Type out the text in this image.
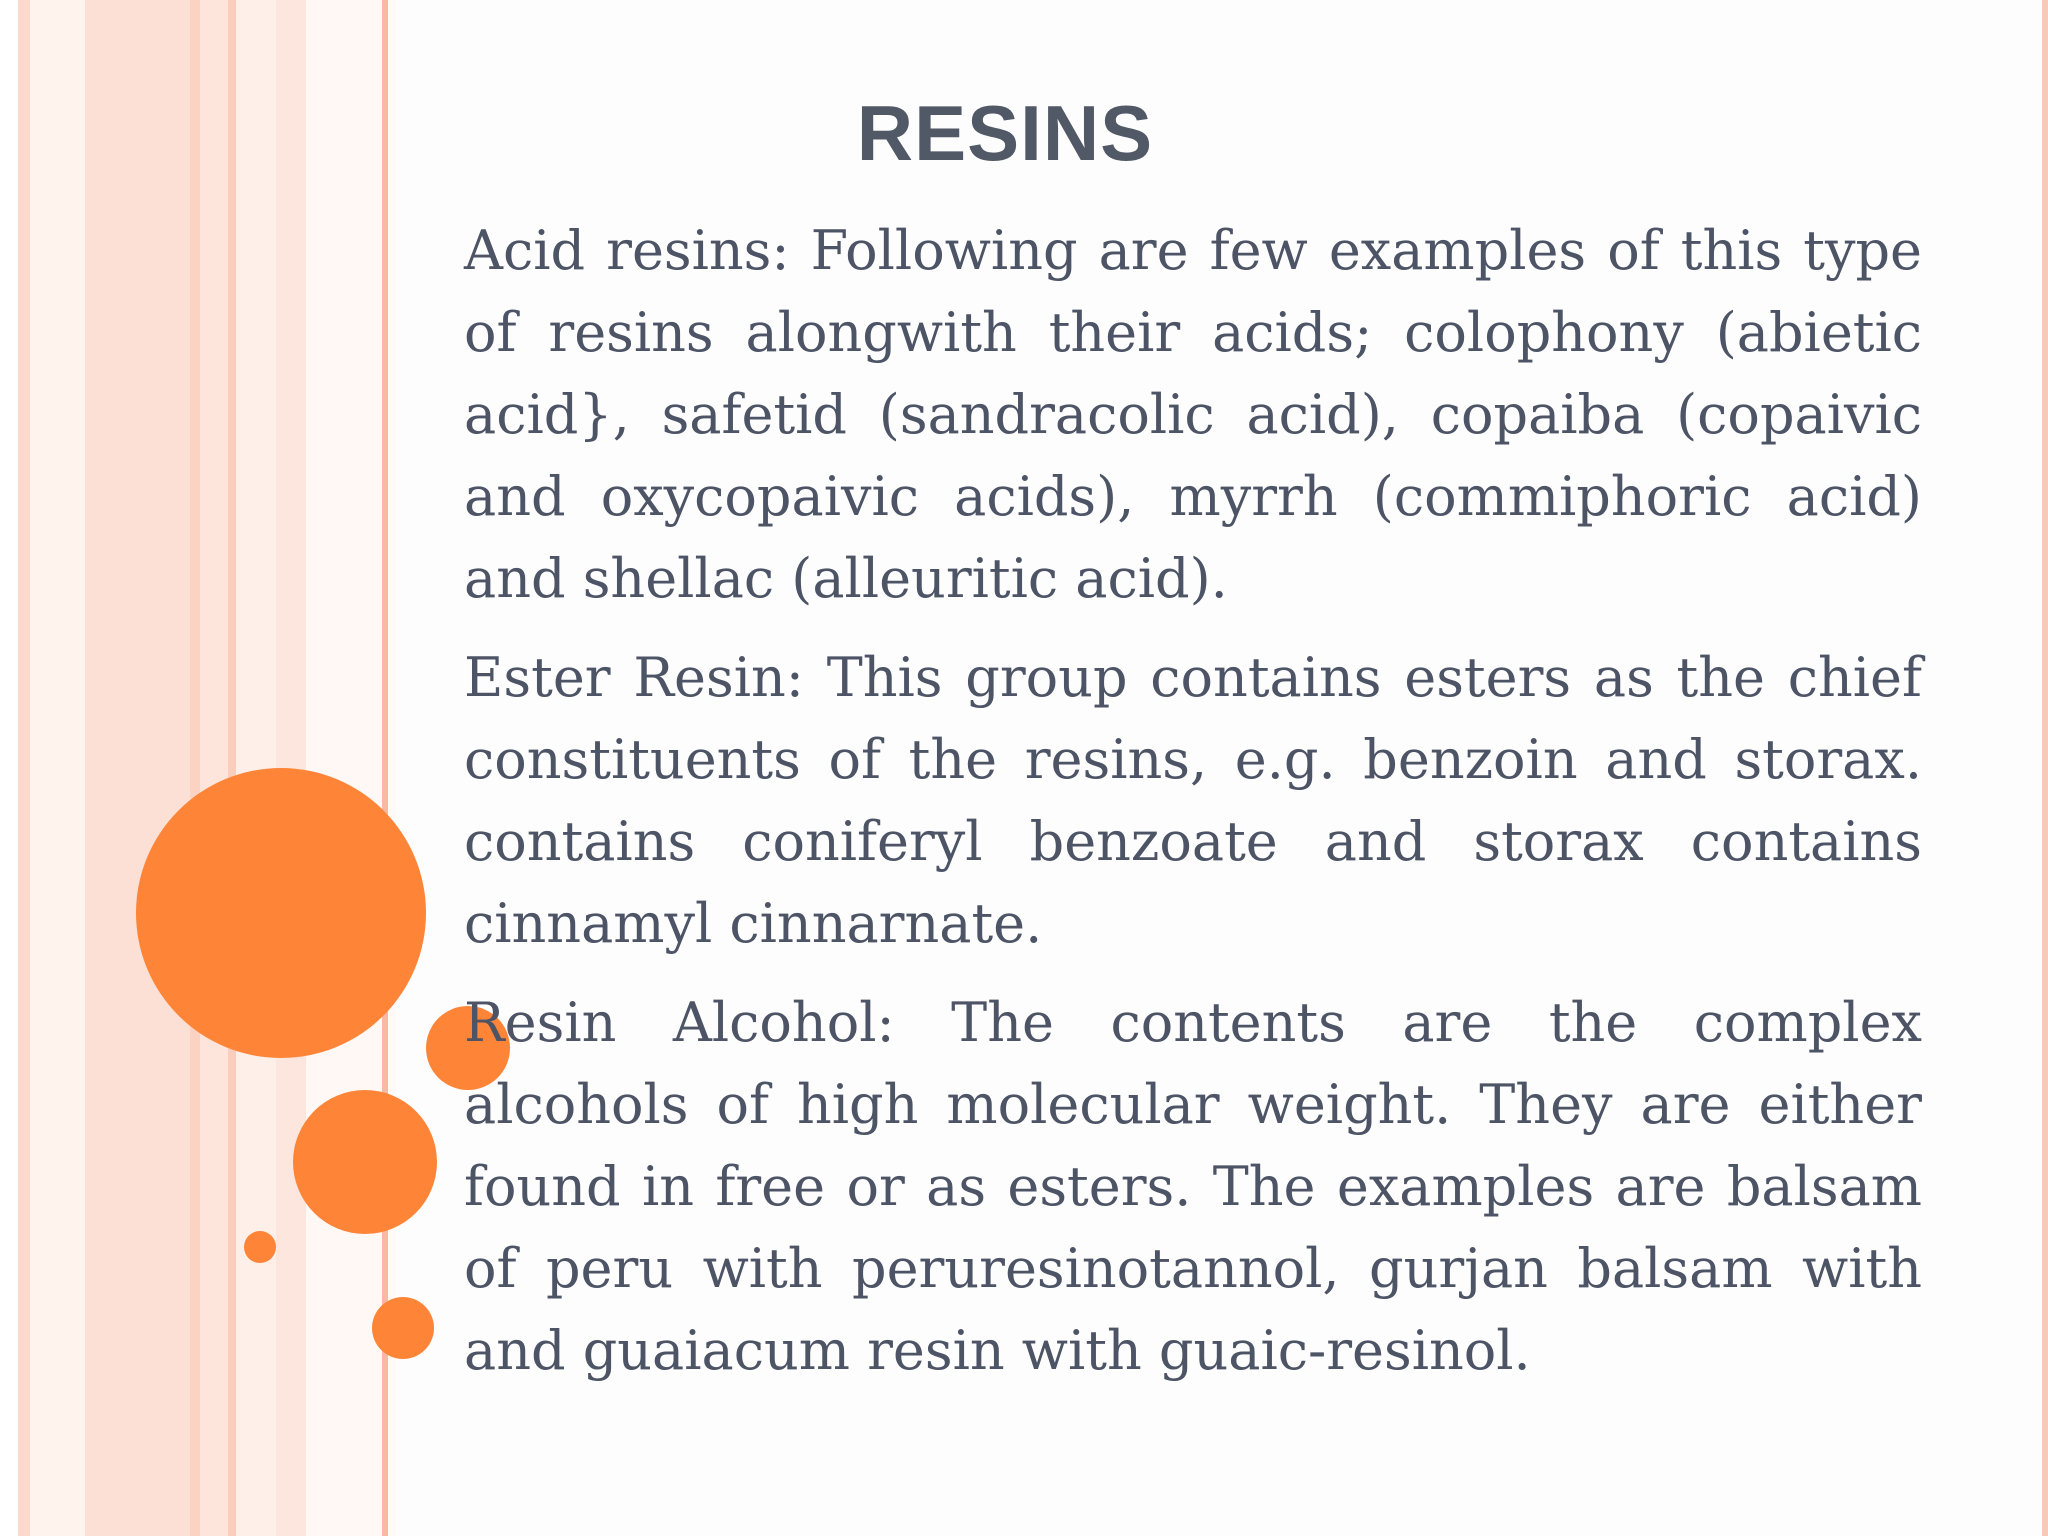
RESINS

Acid resins: Following are few examples of this type of resins alongwith their acids; colophony (abietic acid}, safetid (sandracolic acid), copaiba (copaivic and oxycopaivic acids), myrrh (commiphoric acid) and shellac (alleuritic acid).

Ester Resin: This group contains esters as the chief constituents of the resins, e.g. benzoin and storax. contains coniferyl benzoate and storax contains cinnamyl cinnarnate.

Resin Alcohol: The contents are the complex alcohols of high molecular weight. They are either found in free or as esters. The examples are balsam of peru with peruresinotannol, gurjan balsam with and guaiacum resin with guaic-resinol.
